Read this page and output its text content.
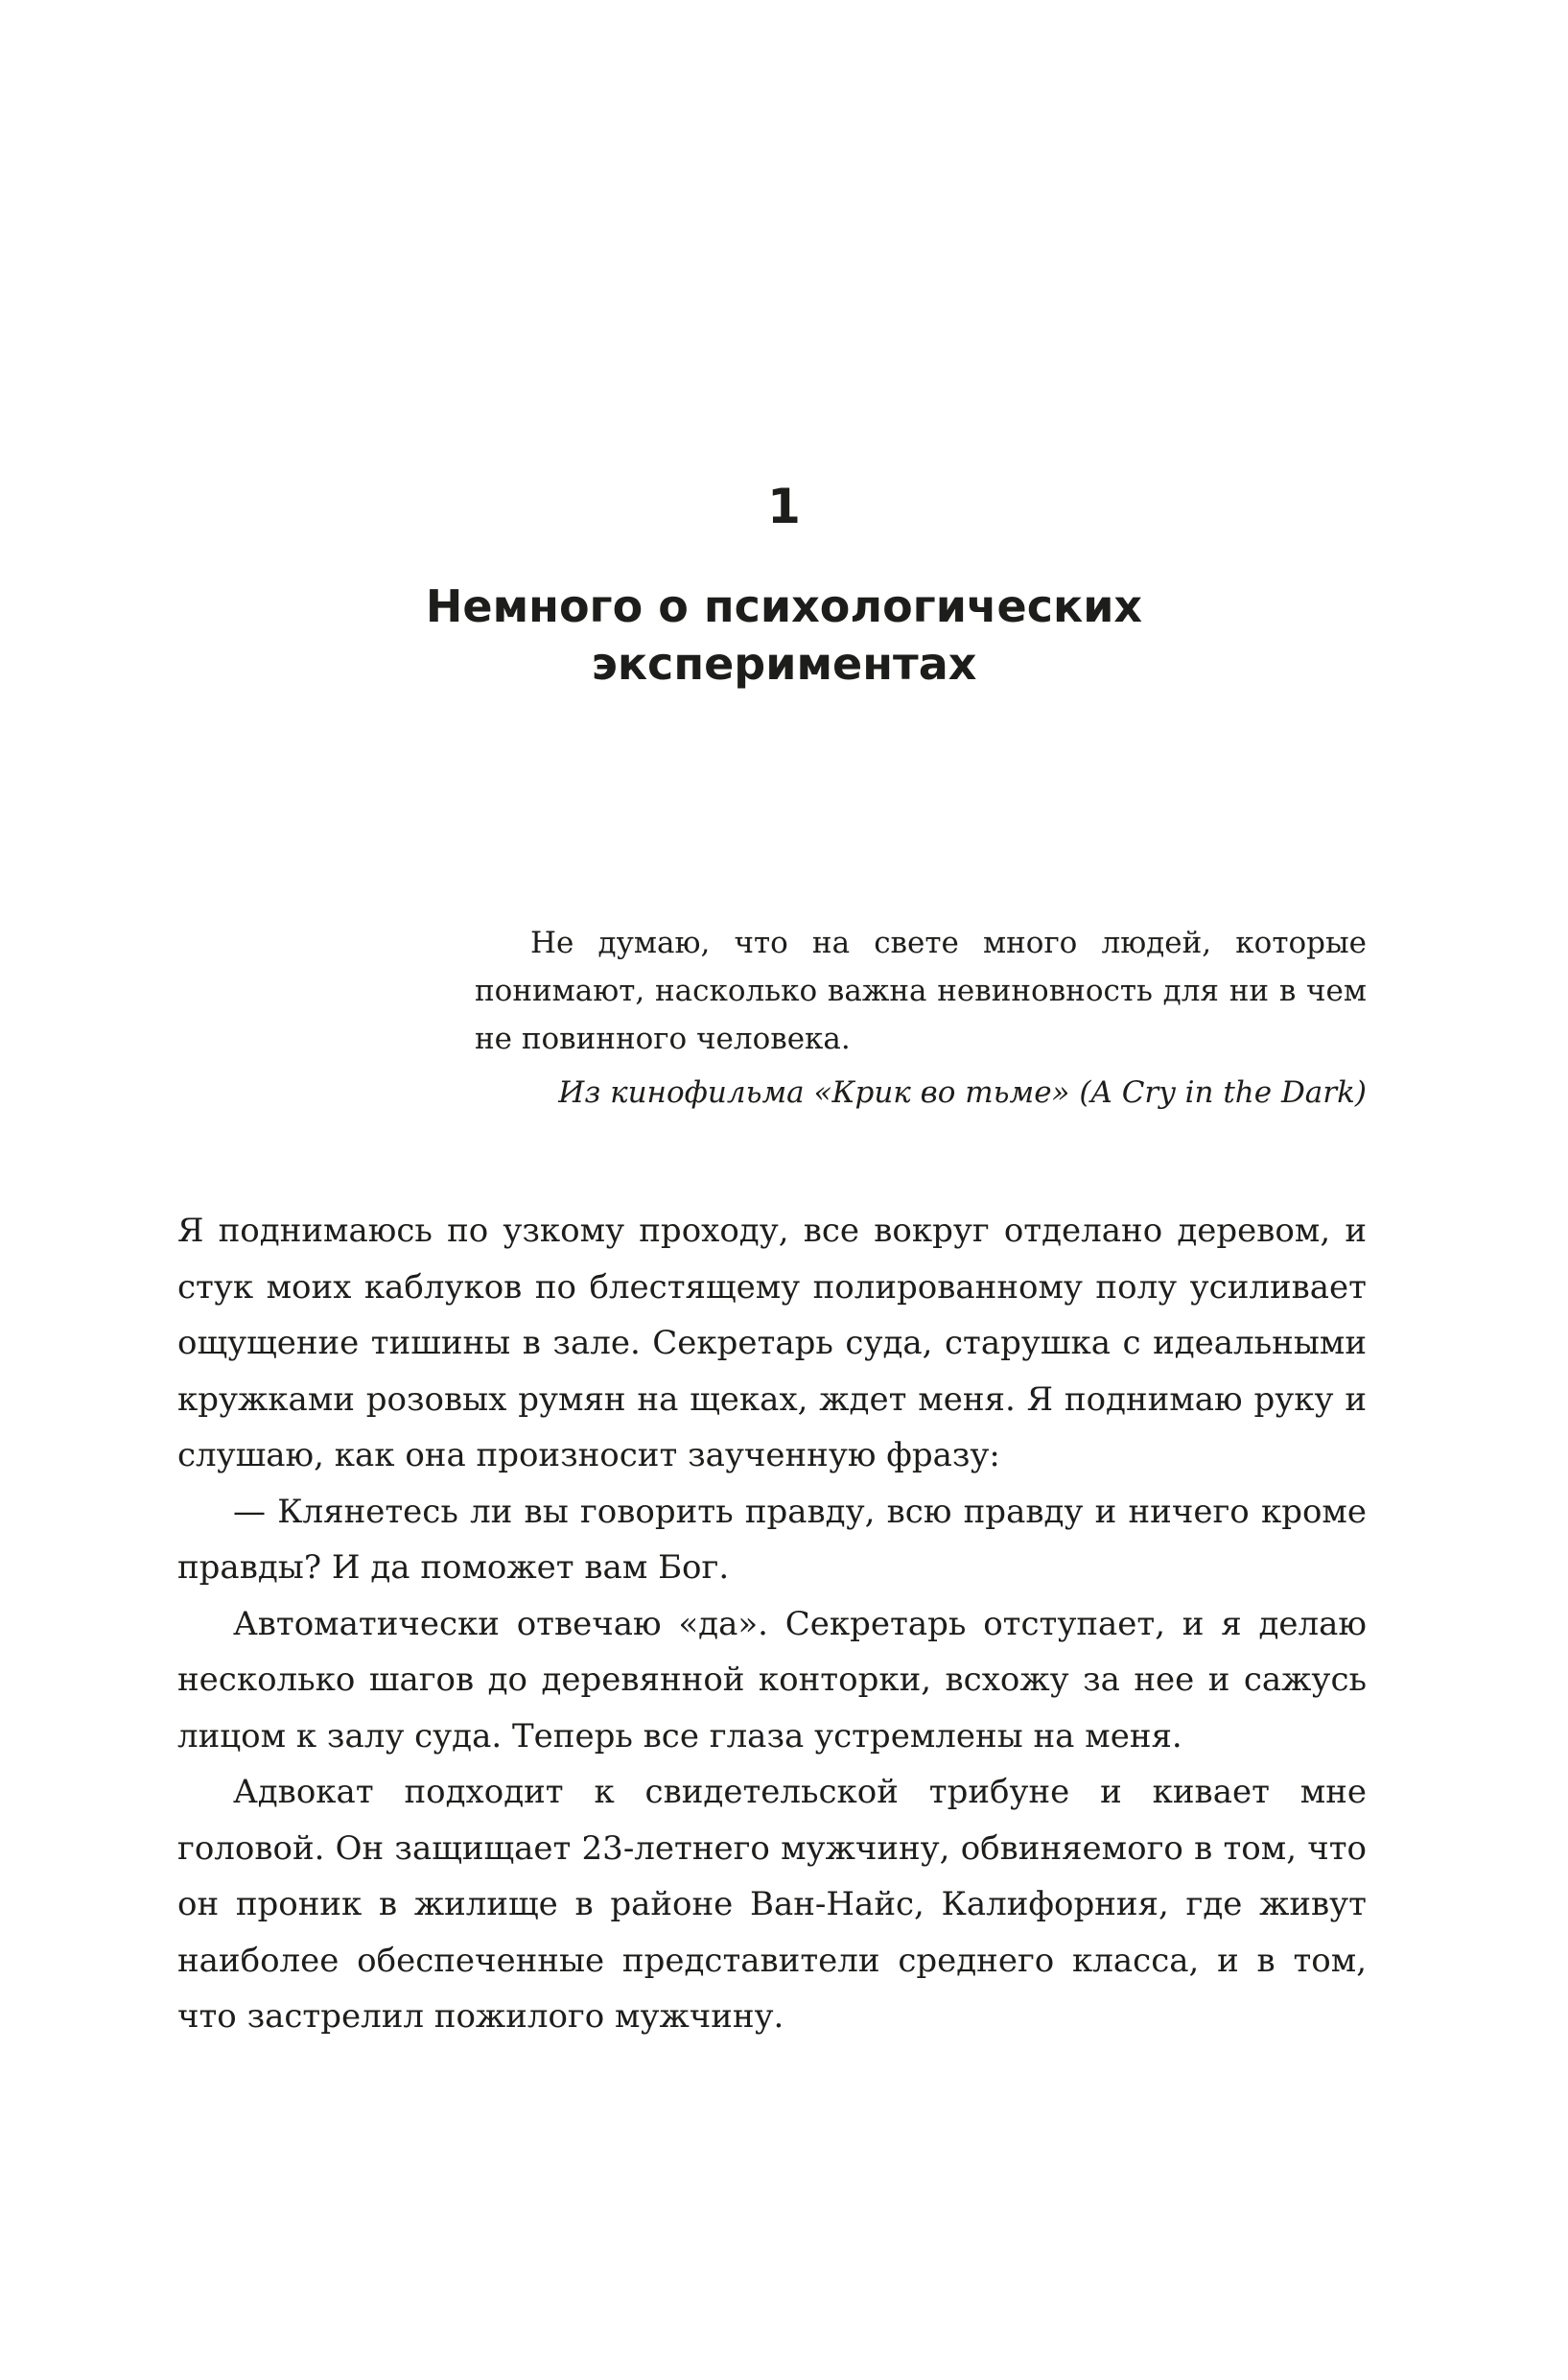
1
Немного о психологических
экспериментах

Не думаю, что на свете много людей, которые понимают, насколько важна невиновность для ни в чем не повинного человека.

Из кинофильма «Крик во тьме» (A Cry in the Dark)

Я поднимаюсь по узкому проходу, все вокруг отделано деревом, и стук моих каблуков по блестящему полированному полу усиливает ощущение тишины в зале. Секретарь суда, старушка с идеальными кружками розовых румян на щеках, ждет меня. Я поднимаю руку и слушаю, как она произносит заученную фразу:

— Клянетесь ли вы говорить правду, всю правду и ничего кроме правды? И да поможет вам Бог.

Автоматически отвечаю «да». Секретарь отступает, и я делаю несколько шагов до деревянной конторки, всхожу за нее и сажусь лицом к залу суда. Теперь все глаза устремлены на меня.

Адвокат подходит к свидетельской трибуне и кивает мне головой. Он защищает 23-летнего мужчину, обвиняемого в том, что он проник в жилище в районе Ван-Найс, Калифорния, где живут наиболее обеспеченные представители среднего класса, и в том, что застрелил пожилого мужчину.
